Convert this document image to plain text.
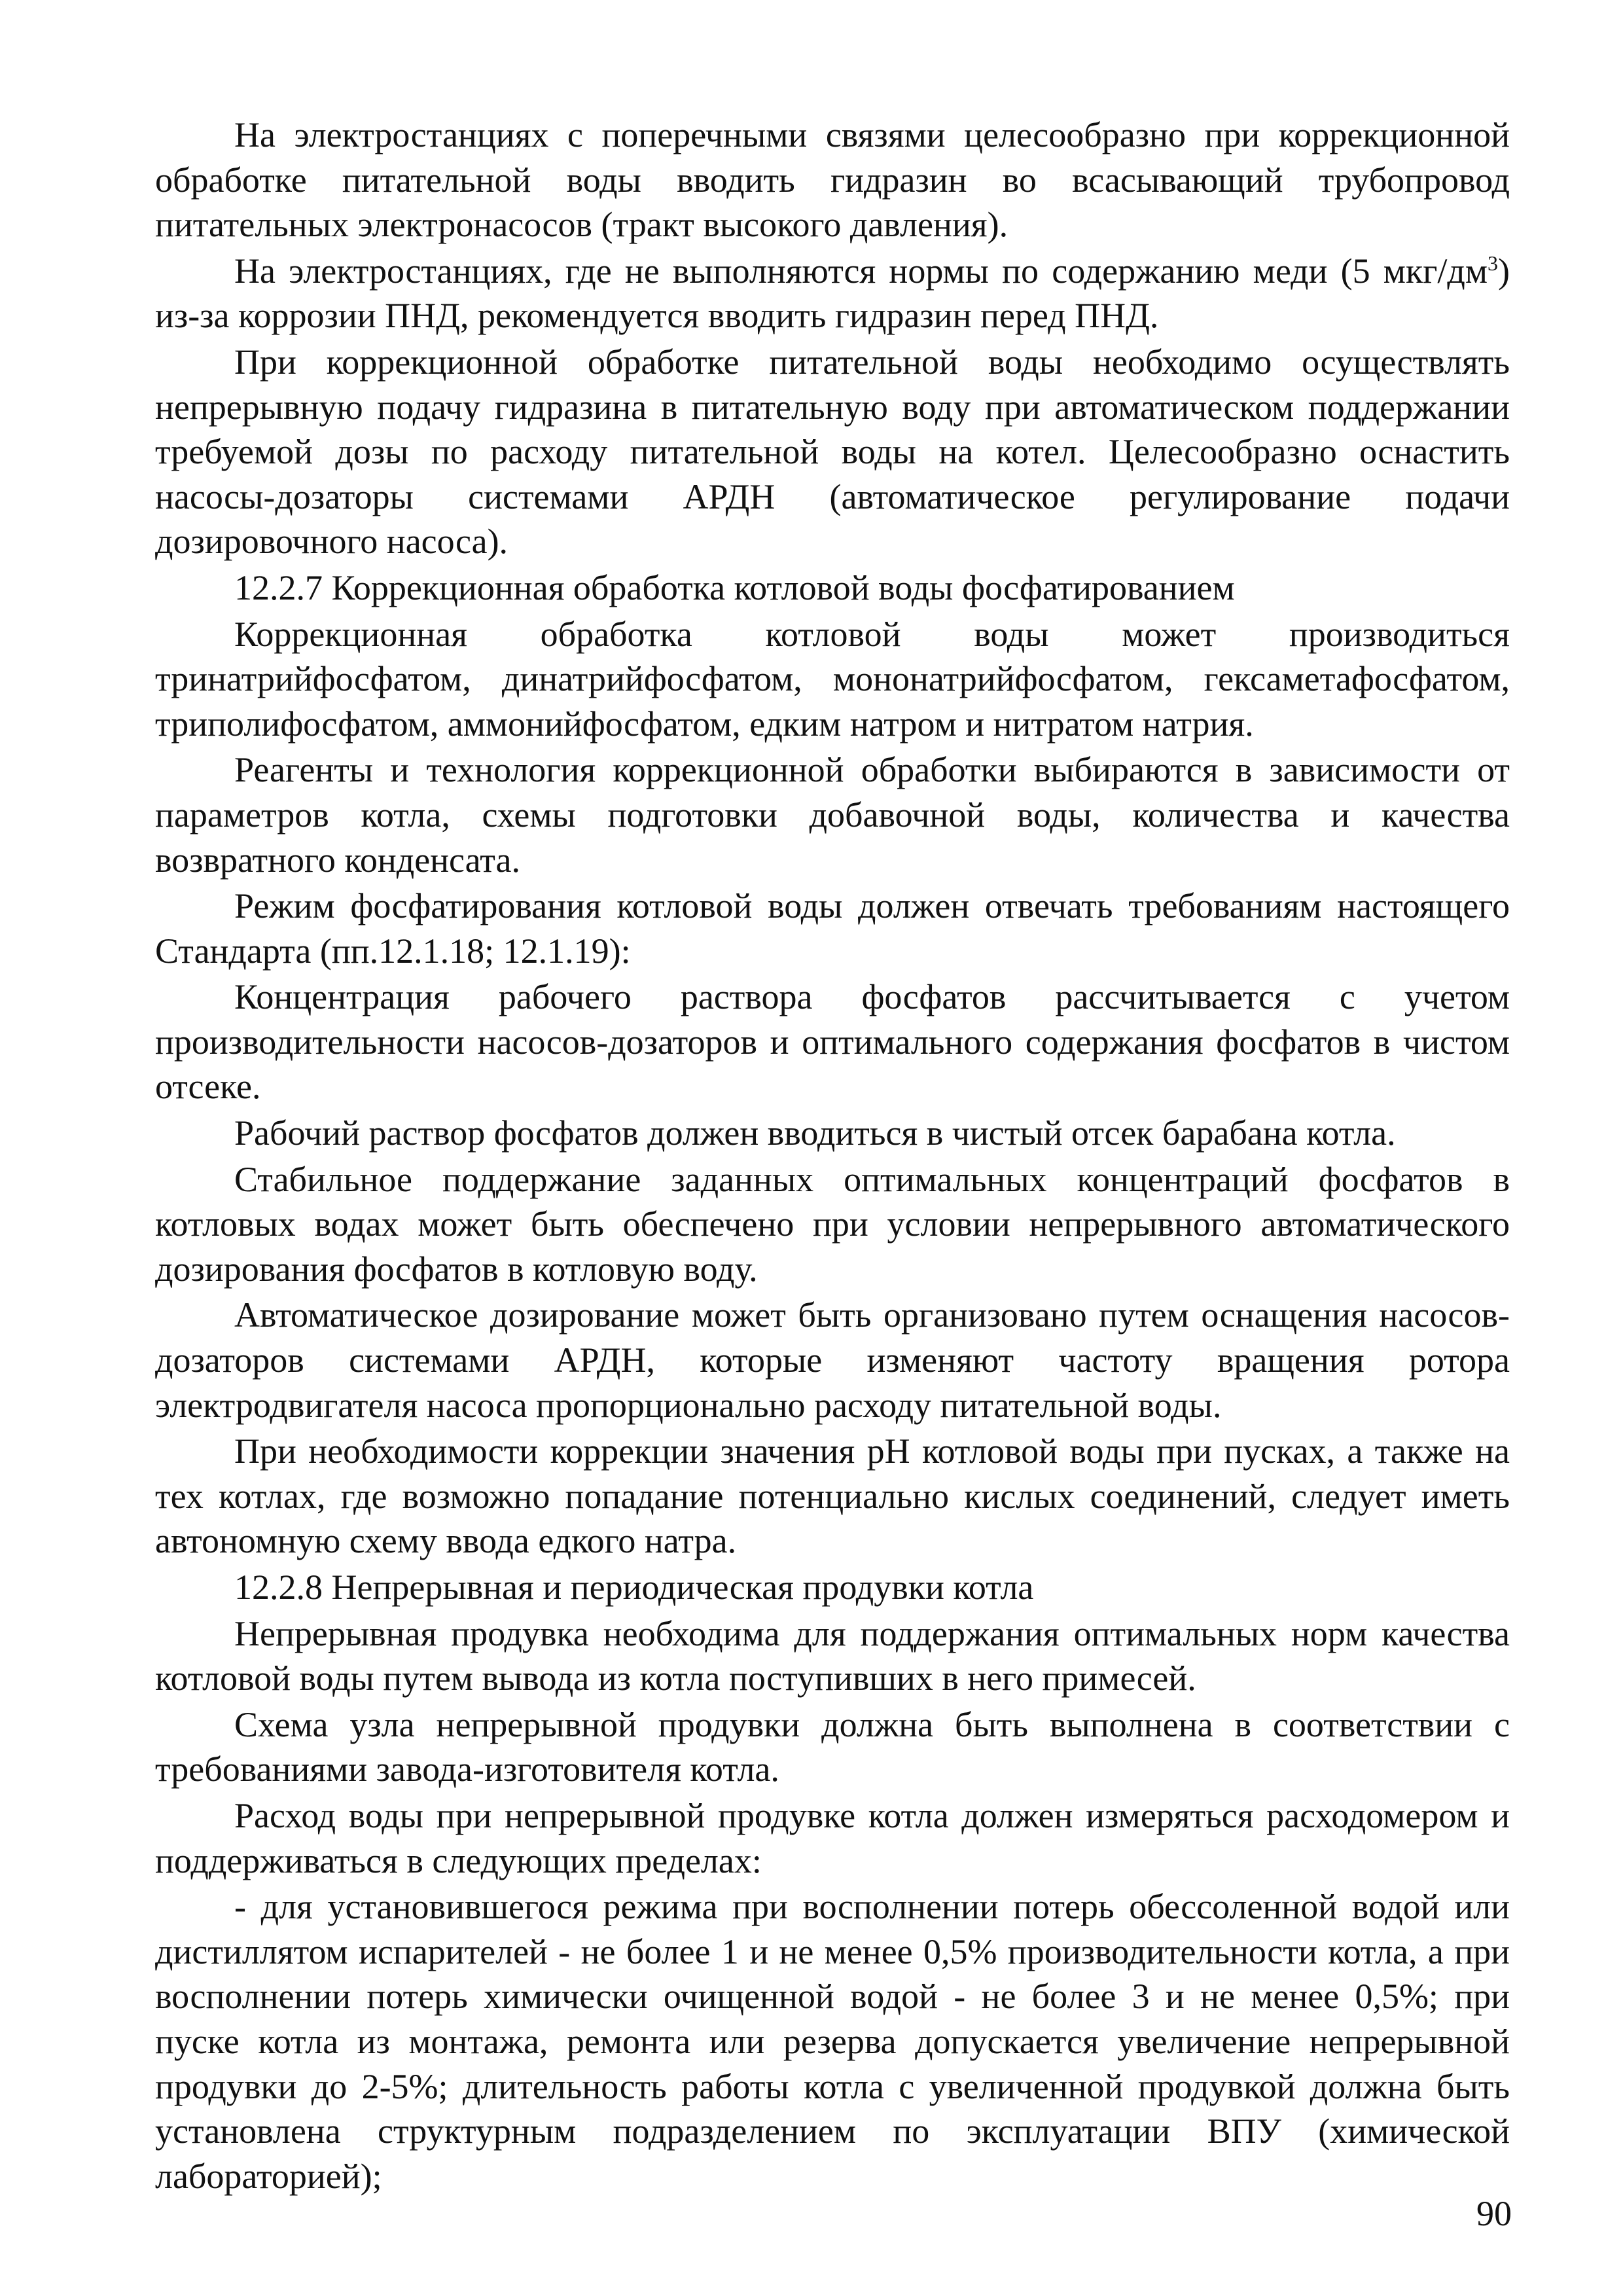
На электростанциях с поперечными связями целесообразно при коррекционной обработке питательной воды вводить гидразин во всасывающий трубопровод питательных электронасосов (тракт высокого давления).

На электростанциях, где не выполняются нормы по содержанию меди (5 мкг/$дм^3$) из-за коррозии ПНД, рекомендуется вводить гидразин перед ПНД.

При коррекционной обработке питательной воды необходимо осуществлять непрерывную подачу гидразина в питательную воду при автоматическом поддержании требуемой дозы по расходу питательной воды на котел. Целесообразно оснастить насосы-дозаторы системами АРДН (автоматическое регулирование подачи дозировочного насоса).

12.2.7 Коррекционная обработка котловой воды фосфатированием

Коррекционная обработка котловой воды может производиться тринатрийфосфатом, динатрийфосфатом, мононатрийфосфатом, гексаметафосфатом, триполифосфатом, аммонийфосфатом, едким натром и нитратом натрия.

Реагенты и технология коррекционной обработки выбираются в зависимости от параметров котла, схемы подготовки добавочной воды, количества и качества возвратного конденсата.

Режим фосфатирования котловой воды должен отвечать требованиям настоящего Стандарта (пп.12.1.18; 12.1.19):

Концентрация рабочего раствора фосфатов рассчитывается с учетом производительности насосов-дозаторов и оптимального содержания фосфатов в чистом отсеке.

Рабочий раствор фосфатов должен вводиться в чистый отсек барабана котла.

Стабильное поддержание заданных оптимальных концентраций фосфатов в котловых водах может быть обеспечено при условии непрерывного автоматического дозирования фосфатов в котловую воду.

Автоматическое дозирование может быть организовано путем оснащения насосов-дозаторов системами АРДН, которые изменяют частоту вращения ротора электродвигателя насоса пропорционально расходу питательной воды.

При необходимости коррекции значения pH котловой воды при пусках, а также на тех котлах, где возможно попадание потенциально кислых соединений, следует иметь автономную схему ввода едкого натра.

12.2.8 Непрерывная и периодическая продувки котла

Непрерывная продувка необходима для поддержания оптимальных норм качества котловой воды путем вывода из котла поступивших в него примесей.

Схема узла непрерывной продувки должна быть выполнена в соответствии с требованиями завода-изготовителя котла.

Расход воды при непрерывной продувке котла должен измеряться расходомером и поддерживаться в следующих пределах:

- для установившегося режима при восполнении потерь обессоленной водой или дистиллятом испарителей - не более 1 и не менее 0,5% производительности котла, а при восполнении потерь химически очищенной водой - не более 3 и не менее 0,5%; при пуске котла из монтажа, ремонта или резерва допускается увеличение непрерывной продувки до 2-5%; длительность работы котла с увеличенной продувкой должна быть установлена структурным подразделением по эксплуатации ВПУ (химической лабораторией);

90
